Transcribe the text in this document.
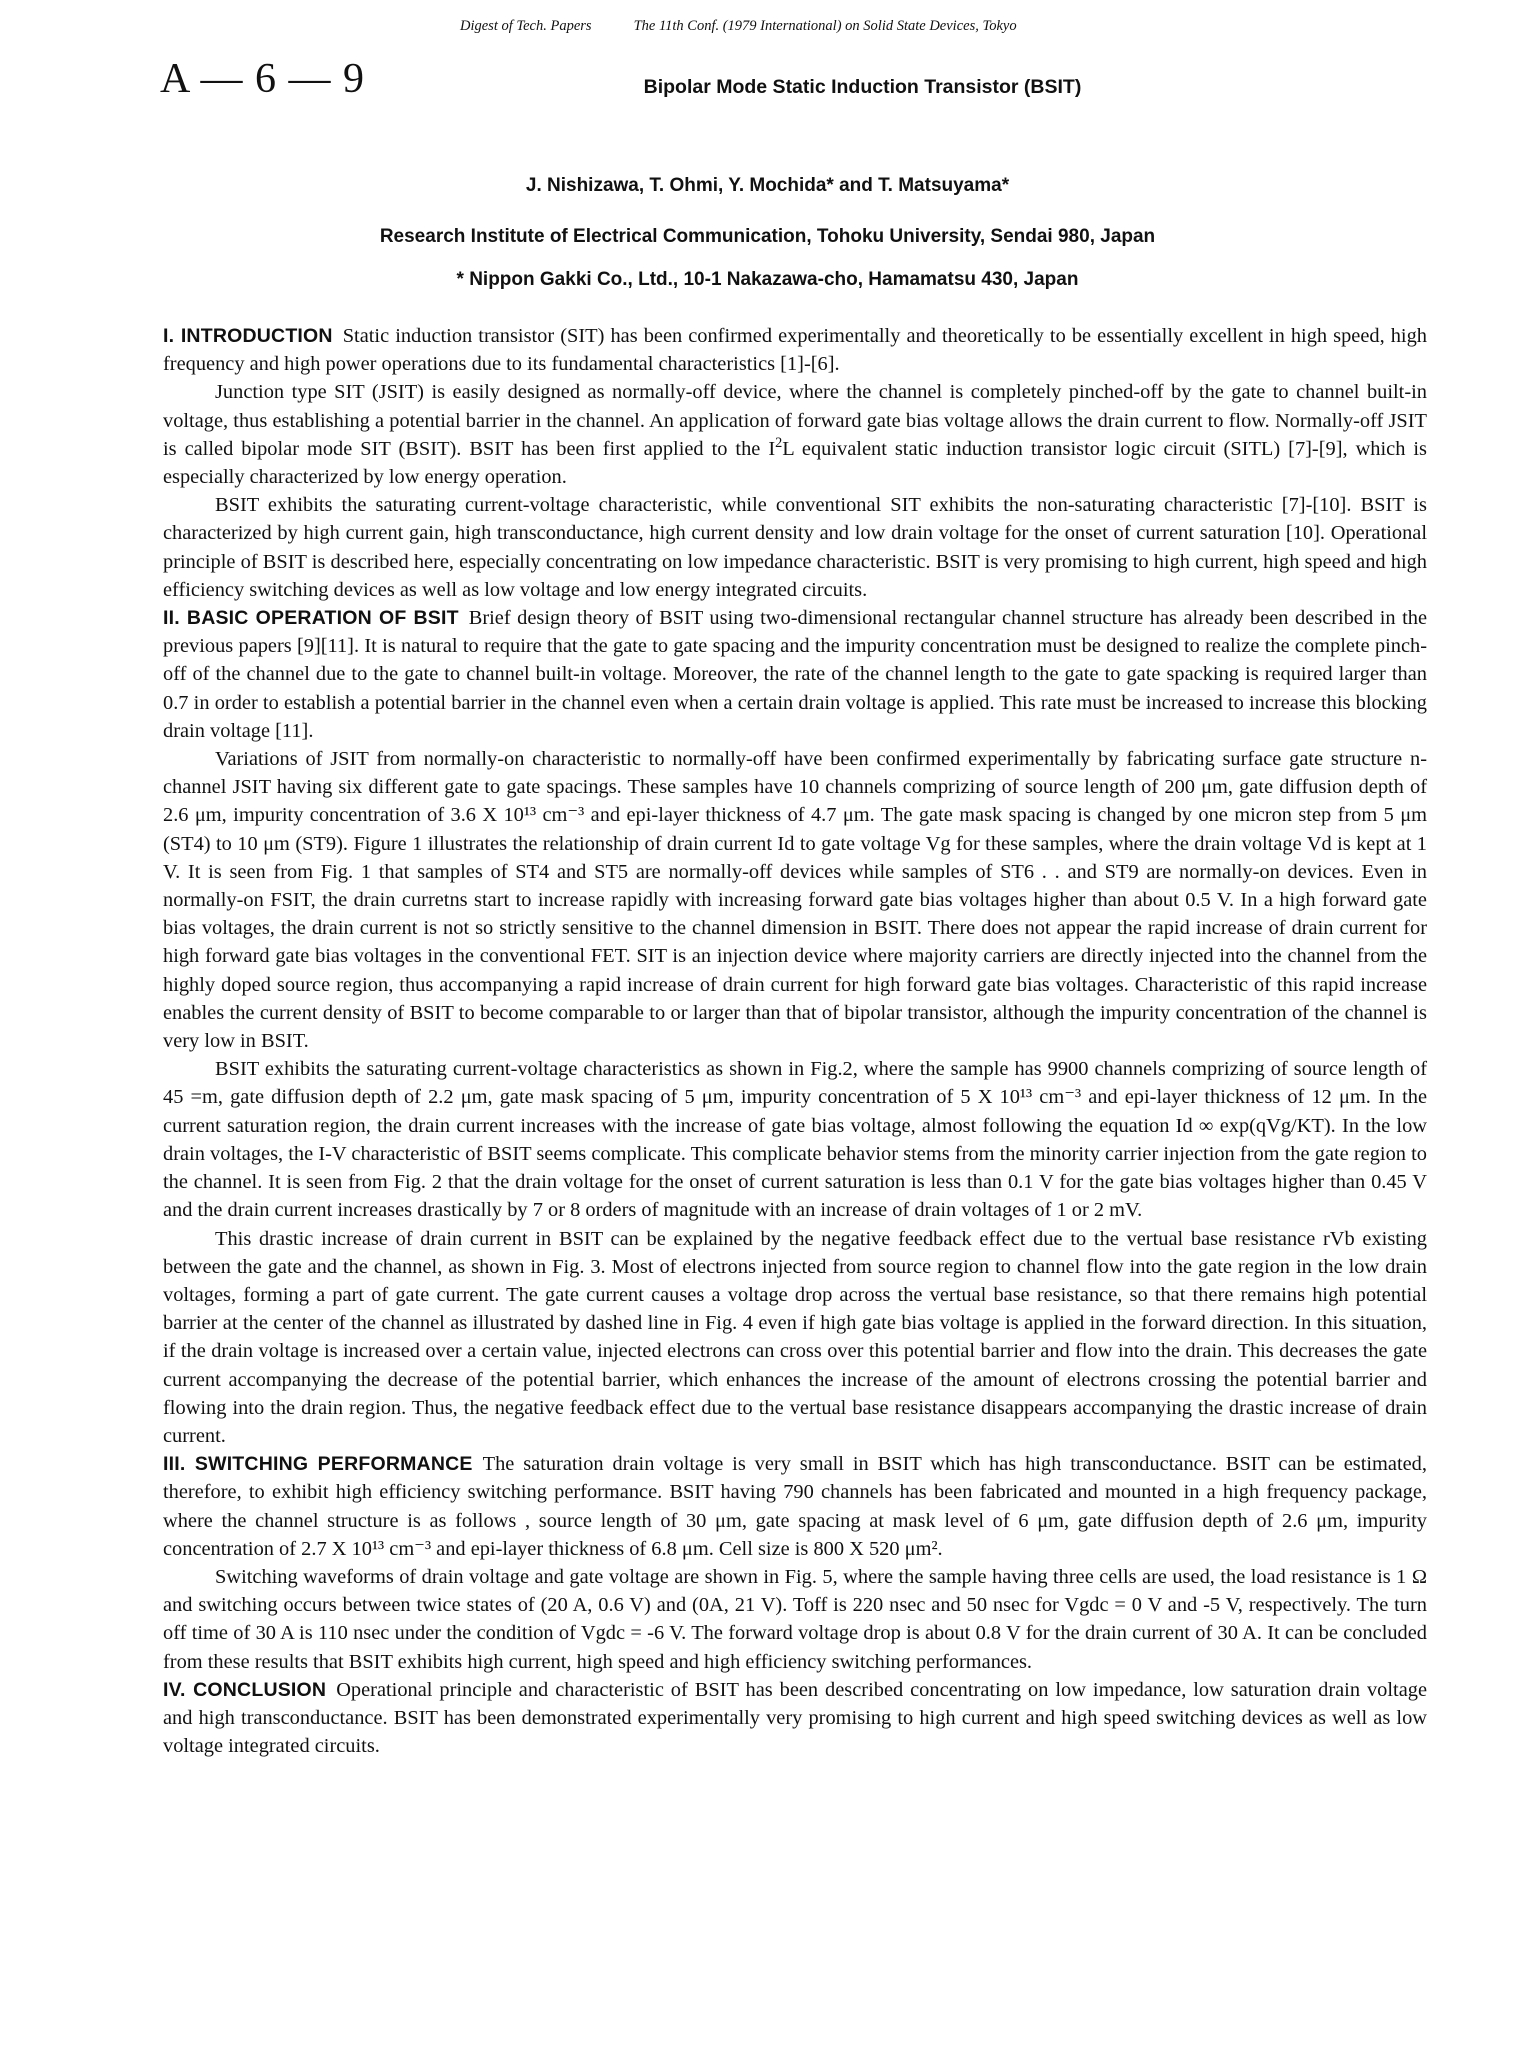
Digest of Tech. Papers	The 11th Conf. (1979 International) on Solid State Devices, Tokyo
A — 6 — 9	Bipolar Mode Static Induction Transistor (BSIT)
J. Nishizawa, T. Ohmi, Y. Mochida* and T. Matsuyama*
Research Institute of Electrical Communication, Tohoku University, Sendai 980, Japan
* Nippon Gakki Co., Ltd., 10-1 Nakazawa-cho, Hamamatsu 430, Japan

I. INTRODUCTION Static induction transistor (SIT) has been confirmed experimentally and theoretically to be essentially excellent in high speed, high frequency and high power operations due to its fundamental characteristics [1]-[6].

Junction type SIT (JSIT) is easily designed as normally-off device, where the channel is completely pinched-off by the gate to channel built-in voltage, thus establishing a potential barrier in the channel. An application of forward gate bias voltage allows the drain current to flow. Normally-off JSIT is called bipolar mode SIT (BSIT). BSIT has been first applied to the $I^2L$ equivalent static induction transistor logic circuit (SITL) [7]-[9], which is especially characterized by low energy operation.

BSIT exhibits the saturating current-voltage characteristic, while conventional SIT exhibits the non-saturating characteristic [7]-[10]. BSIT is characterized by high current gain, high transconductance, high current density and low drain voltage for the onset of current saturation [10]. Operational principle of BSIT is described here, especially concentrating on low impedance characteristic. BSIT is very promising to high current, high speed and high efficiency switching devices as well as low voltage and low energy integrated circuits.

II. BASIC OPERATION OF BSIT Brief design theory of BSIT using two-dimensional rectangular channel structure has already been described in the previous papers [9][11]. It is natural to require that the gate to gate spacing and the impurity concentration must be designed to realize the complete pinch-off of the channel due to the gate to channel built-in voltage. Moreover, the rate of the channel length to the gate to gate spacking is required larger than 0.7 in order to establish a potential barrier in the channel even when a certain drain voltage is applied. This rate must be increased to increase this blocking drain voltage [11].

Variations of JSIT from normally-on characteristic to normally-off have been confirmed experimentally by fabricating surface gate structure n-channel JSIT having six different gate to gate spacings. These samples have 10 channels comprizing of source length of 200 μm, gate diffusion depth of 2.6 μm, impurity concentration of 3.6 X 10¹³ cm⁻³ and epi-layer thickness of 4.7 μm. The gate mask spacing is changed by one micron step from 5 μm (ST4) to 10 μm (ST9). Figure 1 illustrates the relationship of drain current Id to gate voltage Vg for these samples, where the drain voltage Vd is kept at 1 V. It is seen from Fig. 1 that samples of ST4 and ST5 are normally-off devices while samples of ST6 . . and ST9 are normally-on devices. Even in normally-on FSIT, the drain curretns start to increase rapidly with increasing forward gate bias voltages higher than about 0.5 V. In a high forward gate bias voltages, the drain current is not so strictly sensitive to the channel dimension in BSIT. There does not appear the rapid increase of drain current for high forward gate bias voltages in the conventional FET. SIT is an injection device where majority carriers are directly injected into the channel from the highly doped source region, thus accompanying a rapid increase of drain current for high forward gate bias voltages. Characteristic of this rapid increase enables the current density of BSIT to become comparable to or larger than that of bipolar transistor, although the impurity concentration of the channel is very low in BSIT.

BSIT exhibits the saturating current-voltage characteristics as shown in Fig.2, where the sample has 9900 channels comprizing of source length of 45 =m, gate diffusion depth of 2.2 μm, gate mask spacing of 5 μm, impurity concentration of 5 X 10¹³ cm⁻³ and epi-layer thickness of 12 μm. In the current saturation region, the drain current increases with the increase of gate bias voltage, almost following the equation Id ∞ exp(qVg/KT). In the low drain voltages, the I-V characteristic of BSIT seems complicate. This complicate behavior stems from the minority carrier injection from the gate region to the channel. It is seen from Fig. 2 that the drain voltage for the onset of current saturation is less than 0.1 V for the gate bias voltages higher than 0.45 V and the drain current increases drastically by 7 or 8 orders of magnitude with an increase of drain voltages of 1 or 2 mV.

This drastic increase of drain current in BSIT can be explained by the negative feedback effect due to the vertual base resistance rVb existing between the gate and the channel, as shown in Fig. 3. Most of electrons injected from source region to channel flow into the gate region in the low drain voltages, forming a part of gate current. The gate current causes a voltage drop across the vertual base resistance, so that there remains high potential barrier at the center of the channel as illustrated by dashed line in Fig. 4 even if high gate bias voltage is applied in the forward direction. In this situation, if the drain voltage is increased over a certain value, injected electrons can cross over this potential barrier and flow into the drain. This decreases the gate current accompanying the decrease of the potential barrier, which enhances the increase of the amount of electrons crossing the potential barrier and flowing into the drain region. Thus, the negative feedback effect due to the vertual base resistance disappears accompanying the drastic increase of drain current.

III. SWITCHING PERFORMANCE The saturation drain voltage is very small in BSIT which has high transconductance. BSIT can be estimated, therefore, to exhibit high efficiency switching performance. BSIT having 790 channels has been fabricated and mounted in a high frequency package, where the channel structure is as follows , source length of 30 μm, gate spacing at mask level of 6 μm, gate diffusion depth of 2.6 μm, impurity concentration of 2.7 X 10¹³ cm⁻³ and epi-layer thickness of 6.8 μm. Cell size is 800 X 520 μm².

Switching waveforms of drain voltage and gate voltage are shown in Fig. 5, where the sample having three cells are used, the load resistance is 1 Ω and switching occurs between twice states of (20 A, 0.6 V) and (0A, 21 V). Toff is 220 nsec and 50 nsec for Vgdc = 0 V and -5 V, respectively. The turn off time of 30 A is 110 nsec under the condition of Vgdc = -6 V. The forward voltage drop is about 0.8 V for the drain current of 30 A. It can be concluded from these results that BSIT exhibits high current, high speed and high efficiency switching performances.

IV. CONCLUSION Operational principle and characteristic of BSIT has been described concentrating on low impedance, low saturation drain voltage and high transconductance. BSIT has been demonstrated experimentally very promising to high current and high speed switching devices as well as low voltage integrated circuits.
